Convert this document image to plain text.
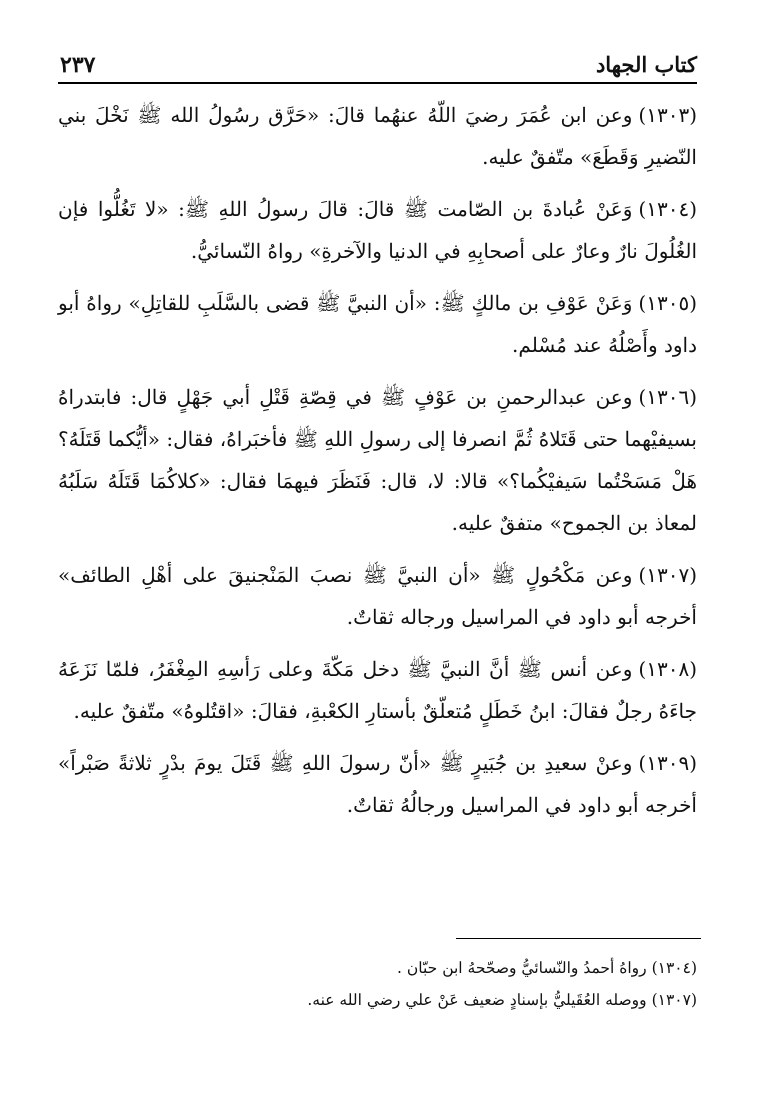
كتاب الجهاد
٢٣٧

(١٣٠٣)وعن ابن عُمَرَ رضيَ اللّهُ عنهُما قالَ: «حَرَّق رسُولُ الله ﷺ نَخْلَ بني النّضيرِ وَقَطَعَ» متّفقٌ عليه.

(١٣٠٤)وَعَنْ عُبادةَ بن الصّامت ﷺ قالَ: قالَ رسولُ اللهِ ﷺ: «لا تَغُلُّوا فإن الغُلُولَ نارٌ وعارٌ على أصحابِهِ في الدنيا والآخرةِ» رواهُ النّسائيُّ.

(١٣٠٥)وَعَنْ عَوْفِ بن مالكٍ ﷺ: «أن النبيَّ ﷺ قضى بالسَّلَبِ للقاتِلِ» رواهُ أبو داود وأَصْلُهُ عند مُسْلم.

(١٣٠٦)وعن عبدالرحمنِ بن عَوْفٍ ﷺ في قِصّةِ قَتْلِ أبي جَهْلٍ قال: فابتدراهُ بسيفيْهما حتى قَتَلاهُ ثُمَّ انصرفا إلى رسولِ اللهِ ﷺ فأخبَراهُ، فقال: «أيُّكما قَتَلَهُ؟ هَلْ مَسَحْتُما سَيفيْكُما؟» قالا: لا، قال: فَنَظَرَ فيهمَا فقال: «كلاكُمَا قَتَلَهُ سَلَبُهُ لمعاذ بن الجموح» متفقٌ عليه.

(١٣٠٧)وعن مَكْحُولٍ ﷺ «أن النبيَّ ﷺ نصبَ المَنْجنيقَ على أهْلِ الطائف» أخرجه أبو داود في المراسيل ورجاله ثقاتٌ.

(١٣٠٨)وعن أنس ﷺ أنَّ النبيَّ ﷺ دخل مَكّةَ وعلى رَأسِهِ المِغْفَرُ، فلمّا نَزَعَهُ جاءَهُ رجلٌ فقالَ: ابنُ خَطَلٍ مُتعلّقٌ بأستارِ الكعْبةِ، فقالَ: «اقتُلوهُ» متّفقٌ عليه.

(١٣٠٩)وعنْ سعيدِ بن جُبَيرٍ ﷺ «أنّ رسولَ اللهِ ﷺ قَتَلَ يومَ بدْرٍ ثلاثةً صَبْراً» أخرجه أبو داود في المراسيل ورجالُهُ ثقاتٌ.

(١٣٠٤) رواهُ أحمدُ والنّسائيُّ وصحّحهُ ابن حبّان .

(١٣٠٧) ووصله العُقَيليُّ بإسنادٍ ضعيف عَنْ علي رضي الله عنه.
